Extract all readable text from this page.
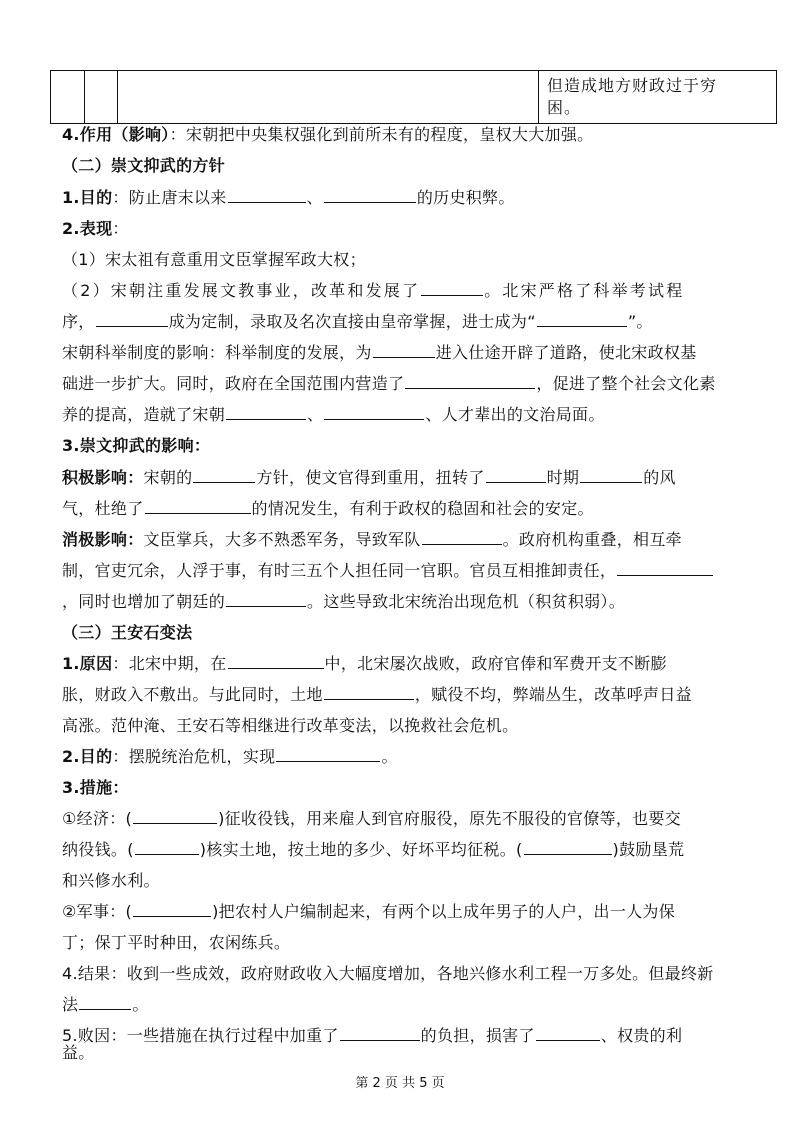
但造成地方财政过于穷
困。
4.作用（影响）：宋朝把中央集权强化到前所未有的程度，皇权大大加强。
（二）崇文抑武的方针
1.目的：防止唐末以来	、	的历史积弊。
2.表现：
（1）宋太祖有意重用文臣掌握军政大权；
（2）宋朝注重发展文教事业，改革和发展了	。北宋严格了科举考试程
序，	成为定制，录取及名次直接由皇帝掌握，进士成为“	”。
宋朝科举制度的影响：科举制度的发展，为	进入仕途开辟了道路，使北宋政权基
础进一步扩大。同时，政府在全国范围内营造了	，促进了整个社会文化素
养的提高，造就了宋朝	、	、人才辈出的文治局面。
3.崇文抑武的影响：
积极影响：宋朝的	方针，使文官得到重用，扭转了	时期	的风
气，杜绝了	的情况发生，有利于政权的稳固和社会的安定。
消极影响：文臣掌兵，大多不熟悉军务，导致军队	。政府机构重叠，相互牵
制，官吏冗余，人浮于事，有时三五个人担任同一官职。官员互相推卸责任，
，同时也增加了朝廷的	。这些导致北宋统治出现危机（积贫积弱）。
（三）王安石变法
1.原因：北宋中期，在	中，北宋屡次战败，政府官俸和军费开支不断膨
胀，财政入不敷出。与此同时，土地	，赋役不均，弊端丛生，改革呼声日益
高涨。范仲淹、王安石等相继进行改革变法，以挽救社会危机。
2.目的：摆脱统治危机，实现	。
3.措施：
①经济：(	)征收役钱，用来雇人到官府服役，原先不服役的官僚等，也要交
纳役钱。(	)核实土地，按土地的多少、好坏平均征税。(	)鼓励垦荒
和兴修水利。
②军事：(	)把农村人户编制起来，有两个以上成年男子的人户，出一人为保
丁；保丁平时种田，农闲练兵。
4.结果：收到一些成效，政府财政收入大幅度增加，各地兴修水利工程一万多处。但最终新
法	。
5.败因：一些措施在执行过程中加重了	的负担，损害了	、权贵的利
第 2 页 共 5 页
益。
